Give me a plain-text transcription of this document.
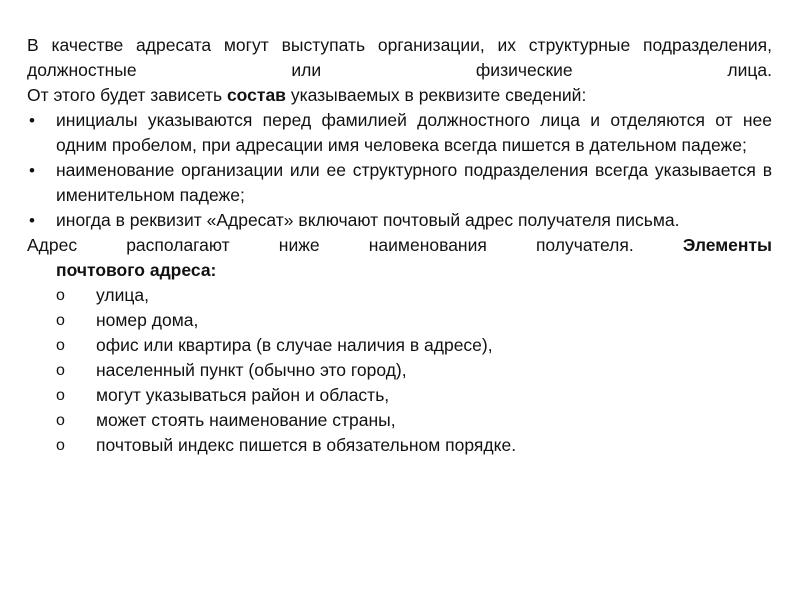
В качестве адресата могут выступать организации, их структурные подразделения, должностные или физические лица.

От этого будет зависеть состав указываемых в реквизите сведений:

• инициалы указываются перед фамилией должностного лица и отделяются от нее одним пробелом, при адресации имя человека всегда пишется в дательном падеже;
• наименование организации или ее структурного подразделения всегда указывается в именительном падеже;
• иногда в реквизит «Адресат» включают почтовый адрес получателя письма.

Адрес располагают ниже наименования получателя. Элементы
почтового адреса:

o улица,
o номер дома,
o офис или квартира (в случае наличия в адресе),
o населенный пункт (обычно это город),
o могут указываться район и область,
o может стоять наименование страны,
o почтовый индекс пишется в обязательном порядке.
